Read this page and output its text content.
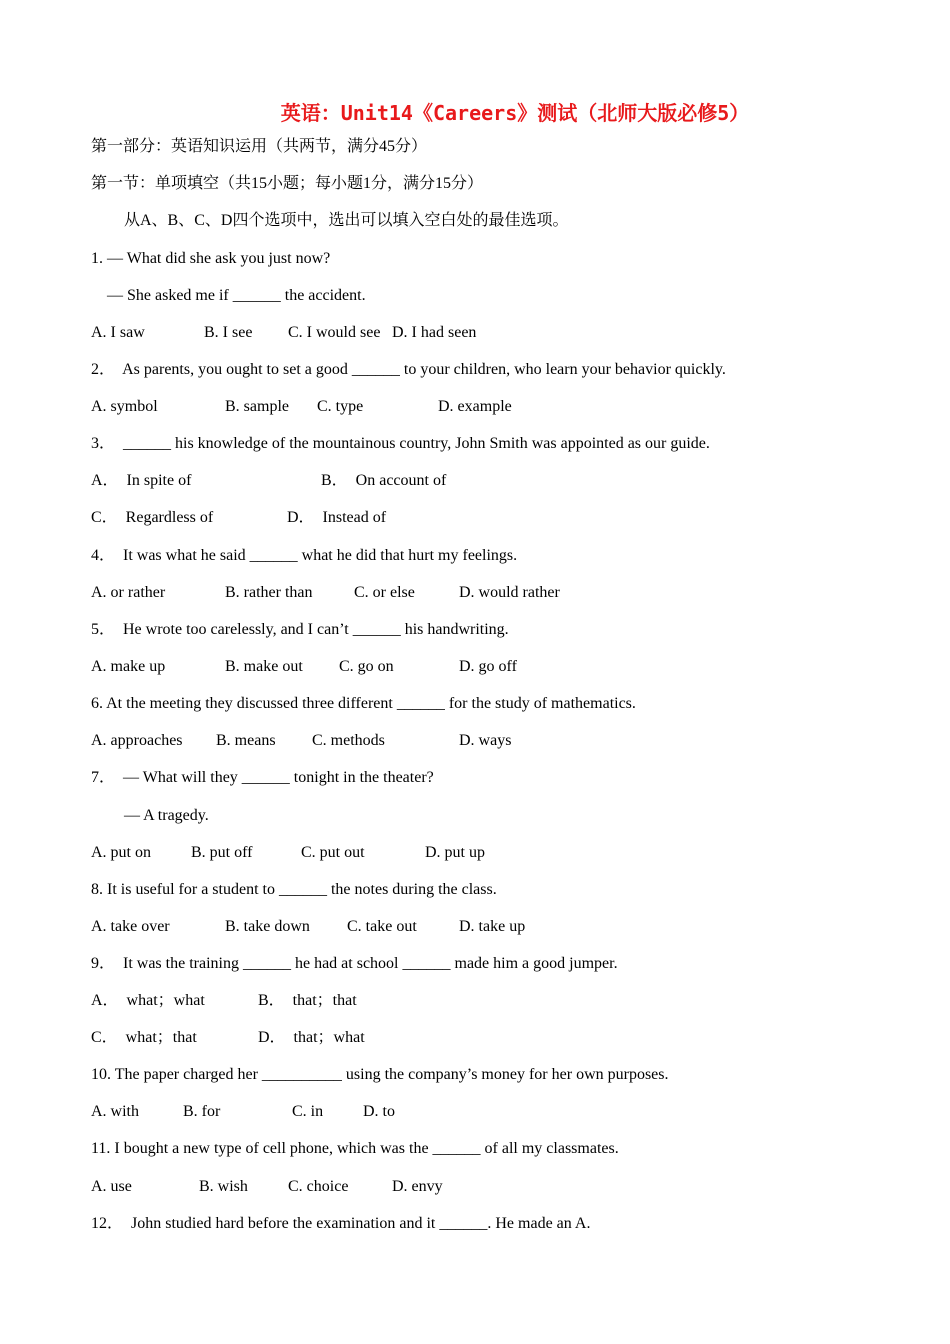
英语：Unit14《Careers》测试（北师大版必修5）
第一部分：英语知识运用（共两节，满分45分）
第一节：单项填空（共15小题；每小题1分，满分15分）
从A、B、C、D四个选项中，选出可以填入空白处的最佳选项。
1. — What did she ask you just now?
— She asked me if ______ the accident.
A. I saw	B. I see C. I would see D. I had seen
2．  As parents, you ought to set a good ______ to your children, who learn your behavior quickly.
A. symbol	B. sample C. type	D. example
3．  ______ his knowledge of the mountainous country, John Smith was appointed as our guide.
A．  In spite of	B．  On account of
C．  Regardless of	D．  Instead of
4．  It was what he said ______ what he did that hurt my feelings.
A. or rather	B. rather than	C. or else	D. would rather
5．  He wrote too carelessly, and I can’t ______ his handwriting.
A. make up	B. make out C. go on	D. go off
6. At the meeting they discussed three different ______ for the study of mathematics.
A. approaches B. means C. methods	D. ways
7．  — What will they ______ tonight in the theater?
— A tragedy.
A. put on	B. put off	C. put out	D. put up
8. It is useful for a student to ______ the notes during the class.
A. take over	B. take down C. take out	D. take up
9．  It was the training ______ he had at school ______ made him a good jumper.
A．  what；what	B．  that；that
C．  what；that	D．  that；what
10. The paper charged her __________ using the company’s money for her own purposes.
A. with	B. for	C. in D. to
11. I bought a new type of cell phone, which was the ______ of all my classmates.
A. use	B. wish	C. choice	D. envy
12．  John studied hard before the examination and it ______. He made an A.
